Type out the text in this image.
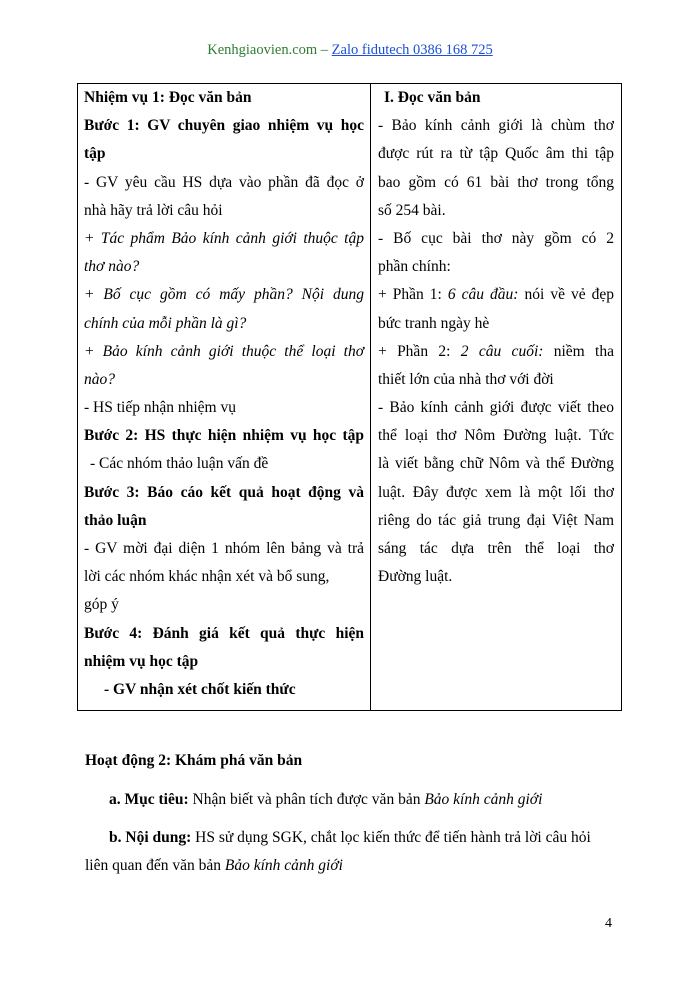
Kenhgiaovien.com – Zalo fidutech 0386 168 725
Nhiệm vụ 1: Đọc văn bản
Bước 1: GV chuyên giao nhiệm vụ học
tập
- GV yêu cầu HS dựa vào phần đã đọc ở
nhà hãy trả lời câu hỏi
+ Tác phẩm Bảo kính cảnh giới thuộc tập
thơ nào?
+ Bố cục gồm có mấy phần? Nội dung
chính của mỗi phần là gì?
+ Bảo kính cảnh giới thuộc thể loại thơ
nào?
- HS tiếp nhận nhiệm vụ
Bước 2: HS thực hiện nhiệm vụ học tập
- Các nhóm thảo luận vấn đề
Bước 3: Báo cáo kết quả hoạt động và
thảo luận
- GV mời đại diện 1 nhóm lên bảng và trả
lời các nhóm khác nhận xét và bổ sung,
góp ý
Bước 4: Đánh giá kết quả thực hiện
nhiệm vụ học tập
- GV nhận xét chốt kiến thức
I. Đọc văn bản
- Bảo kính cảnh giới là chùm thơ
được rút ra từ tập Quốc âm thi tập
bao gồm có 61 bài thơ trong tổng
số 254 bài.
- Bố cục bài thơ này gồm có 2
phần chính:
+ Phần 1: 6 câu đầu: nói về vẻ đẹp
bức tranh ngày hè
+ Phần 2: 2 câu cuối: niềm tha
thiết lớn của nhà thơ với đời
- Bảo kính cảnh giới được viết theo
thể loại thơ Nôm Đường luật. Tức
là viết bằng chữ Nôm và thể Đường
luật. Đây được xem là một lối thơ
riêng do tác giả trung đại Việt Nam
sáng tác dựa trên thể loại thơ
Đường luật.
Hoạt động 2: Khám phá văn bản
a. Mục tiêu: Nhận biết và phân tích được văn bản Bảo kính cảnh giới
b. Nội dung: HS sử dụng SGK, chắt lọc kiến thức để tiến hành trả lời câu hỏi
liên quan đến văn bản Bảo kính cảnh giới
4
